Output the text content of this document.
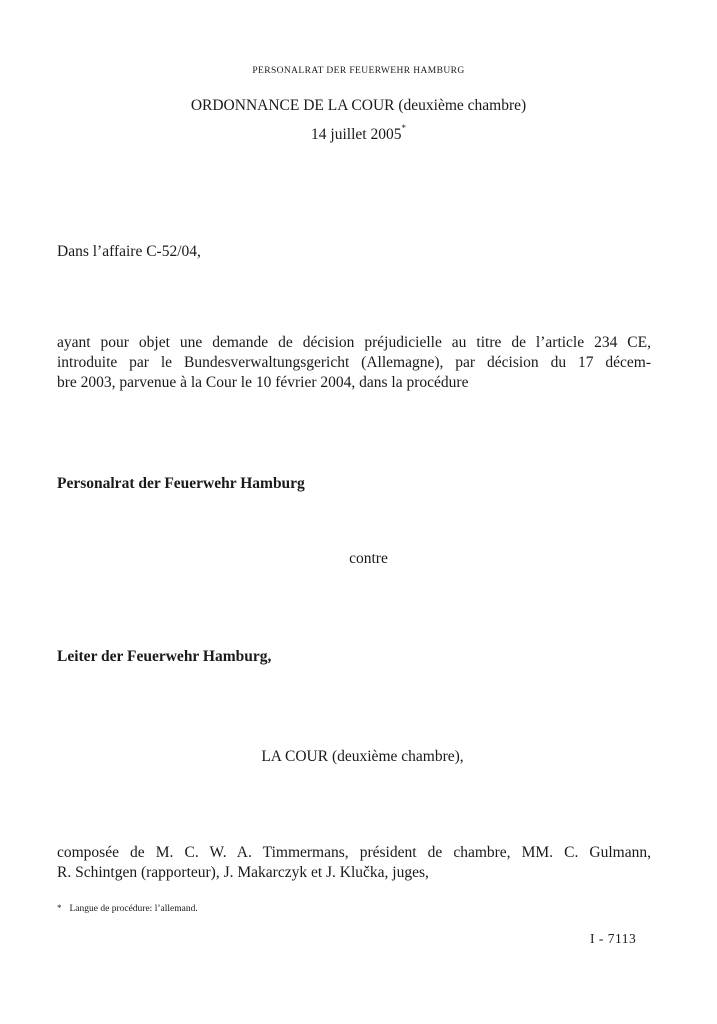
PERSONALRAT DER FEUERWEHR HAMBURG
ORDONNANCE DE LA COUR (deuxième chambre)
14 juillet 2005*
Dans l’affaire C-52/04,
ayant pour objet une demande de décision préjudicielle au titre de l’article 234 CE,
introduite par le Bundesverwaltungsgericht (Allemagne), par décision du 17 décem-
bre 2003, parvenue à la Cour le 10 février 2004, dans la procédure
Personalrat der Feuerwehr Hamburg
contre
Leiter der Feuerwehr Hamburg,
LA COUR (deuxième chambre),
composée de M. C. W. A. Timmermans, président de chambre, MM. C. Gulmann,
R. Schintgen (rapporteur), J. Makarczyk et J. Klučka, juges,
* Langue de procédure: l’allemand.
I - 7113
